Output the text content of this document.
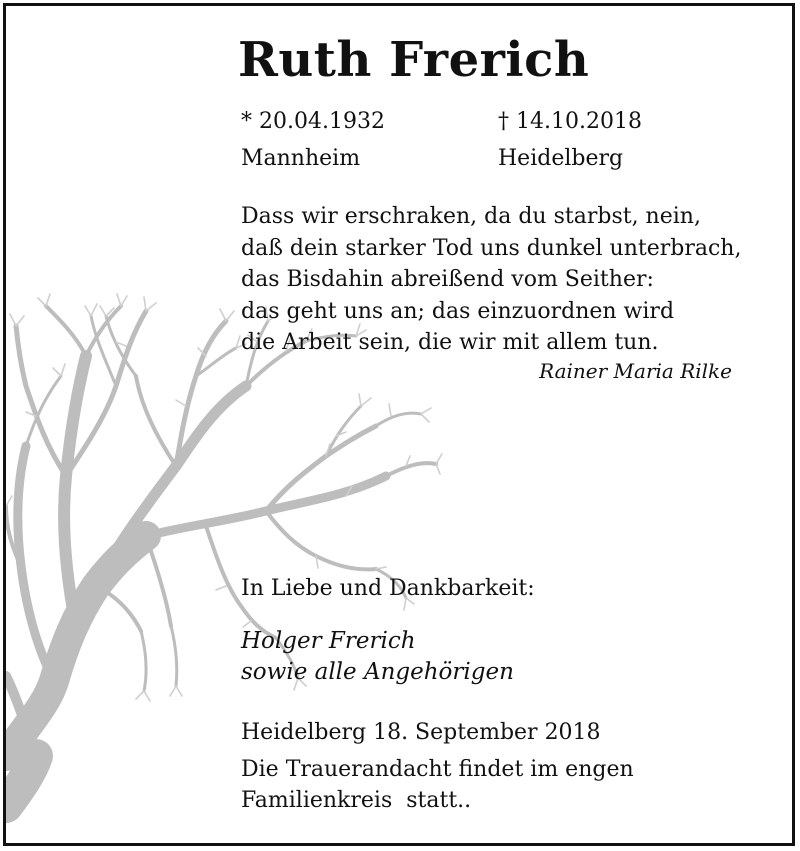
Ruth Frerich
* 20.04.1932
Mannheim
† 14.10.2018
Heidelberg
Dass wir erschraken, da du starbst, nein,
daß dein starker Tod uns dunkel unterbrach,
das Bisdahin abreißend vom Seither:
das geht uns an; das einzuordnen wird
die Arbeit sein, die wir mit allem tun.
Rainer Maria Rilke
In Liebe und Dankbarkeit:
Holger Frerich
sowie alle Angehörigen
Heidelberg 18. September 2018
Die Trauerandacht findet im engen
Familienkreis  statt..
